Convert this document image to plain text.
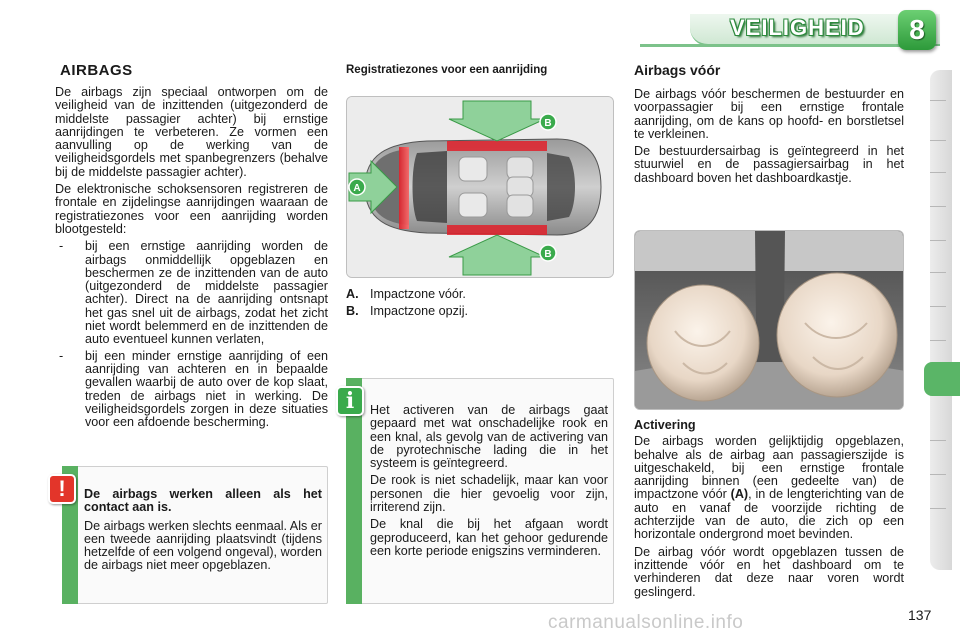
VEILIGHEID	8
AIRBAGS

De airbags zijn speciaal ontworpen om de veiligheid van de inzittenden (uitgezonderd de middelste passagier achter) bij ernstige aanrijdingen te verbeteren. Ze vormen een aanvulling op de werking van de veiligheidsgordels met spanbegrenzers (behalve bij de middelste passagier achter).

De elektronische schoksensoren registreren de frontale en zijdelingse aanrijdingen waaraan de registratiezones voor een aanrijding worden blootgesteld:

-	bij een ernstige aanrijding worden de airbags onmiddellijk opgeblazen en beschermen ze de inzittenden van de auto (uitgezonderd de middelste passagier achter). Direct na de aanrijding ontsnapt het gas snel uit de airbags, zodat het zicht niet wordt belemmerd en de inzittenden de auto eventueel kunnen verlaten,
-	bij een minder ernstige aanrijding of een aanrijding van achteren en in bepaalde gevallen waarbij de auto over de kop slaat, treden de airbags niet in werking. De veiligheidsgordels zorgen in deze situaties voor een afdoende bescherming.
!	De airbags werken alleen als het contact aan is.
De airbags werken slechts eenmaal. Als er een tweede aanrijding plaatsvindt (tijdens hetzelfde of een volgend ongeval), worden de airbags niet meer opgeblazen.
Registratiezones voor een aanrijding
A
B
B
A. Impactzone vóór.
B. Impactzone opzij.
i	Het activeren van de airbags gaat gepaard met wat onschadelijke rook en een knal, als gevolg van de activering van de pyrotechnische lading die in het systeem is geïntegreerd.

De rook is niet schadelijk, maar kan voor personen die hier gevoelig voor zijn, irriterend zijn.

De knal die bij het afgaan wordt geproduceerd, kan het gehoor gedurende een korte periode enigszins verminderen.

Airbags vóór

De airbags vóór beschermen de bestuurder en voorpassagier bij een ernstige frontale aanrijding, om de kans op hoofd- en borstletsel te verkleinen.

De bestuurdersairbag is geïntegreerd in het stuurwiel en de passagiersairbag in het dashboard boven het dashboardkastje.

Activering

De airbags worden gelijktijdig opgeblazen, behalve als de airbag aan passagierszijde is uitgeschakeld, bij een ernstige frontale aanrijding binnen (een gedeelte van) de impactzone vóór (A), in de lengterichting van de auto en vanaf de voorzijde richting de achterzijde van de auto, die zich op een horizontale ondergrond moet bevinden.

De airbag vóór wordt opgeblazen tussen de inzittende vóór en het dashboard om te verhinderen dat deze naar voren wordt geslingerd.

carmanualsonline.info	137
